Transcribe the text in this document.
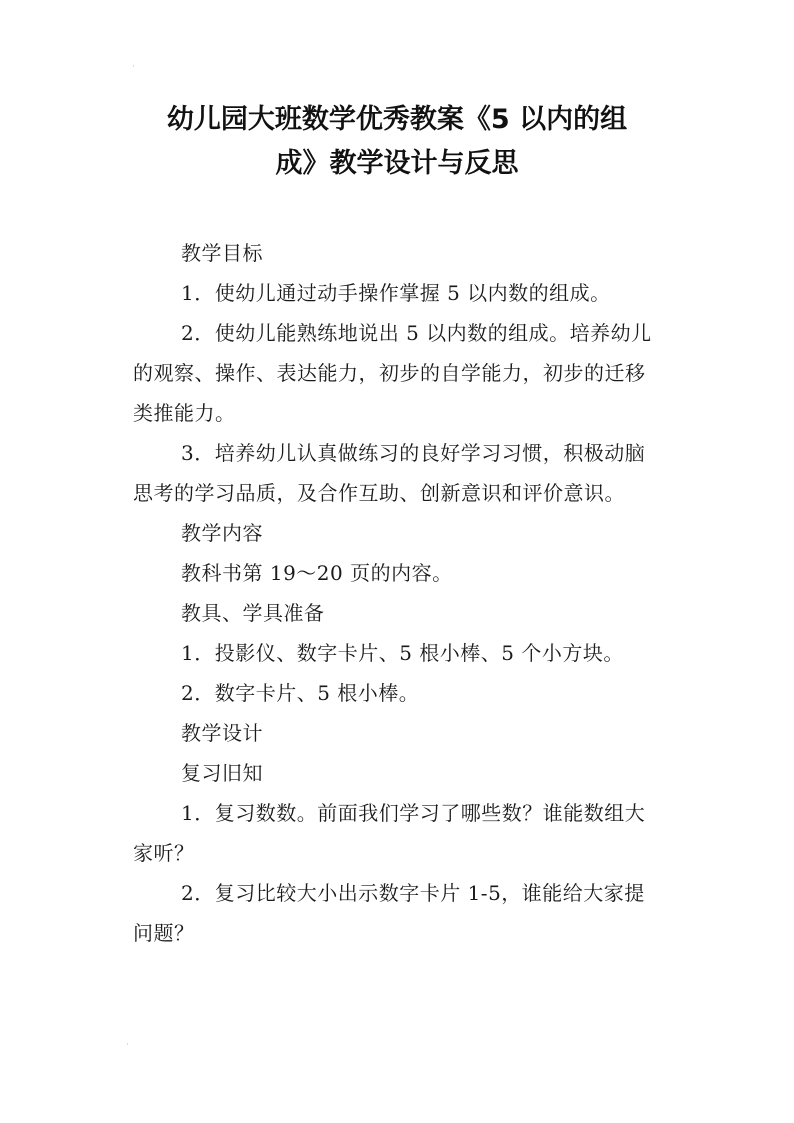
·
幼儿园大班数学优秀教案《5 以内的组
成》教学设计与反思

教学目标

1．使幼儿通过动手操作掌握 5 以内数的组成。

2．使幼儿能熟练地说出 5 以内数的组成。培养幼儿的观察、操作、表达能力，初步的自学能力，初步的迁移类推能力。

3．培养幼儿认真做练习的良好学习习惯，积极动脑思考的学习品质，及合作互助、创新意识和评价意识。

教学内容

教科书第 19～20 页的内容。

教具、学具准备

1．投影仪、数字卡片、5 根小棒、5 个小方块。

2．数字卡片、5 根小棒。

教学设计

复习旧知

1．复习数数。前面我们学习了哪些数？谁能数组大家听？

2．复习比较大小出示数字卡片 1-5，谁能给大家提问题？

·
